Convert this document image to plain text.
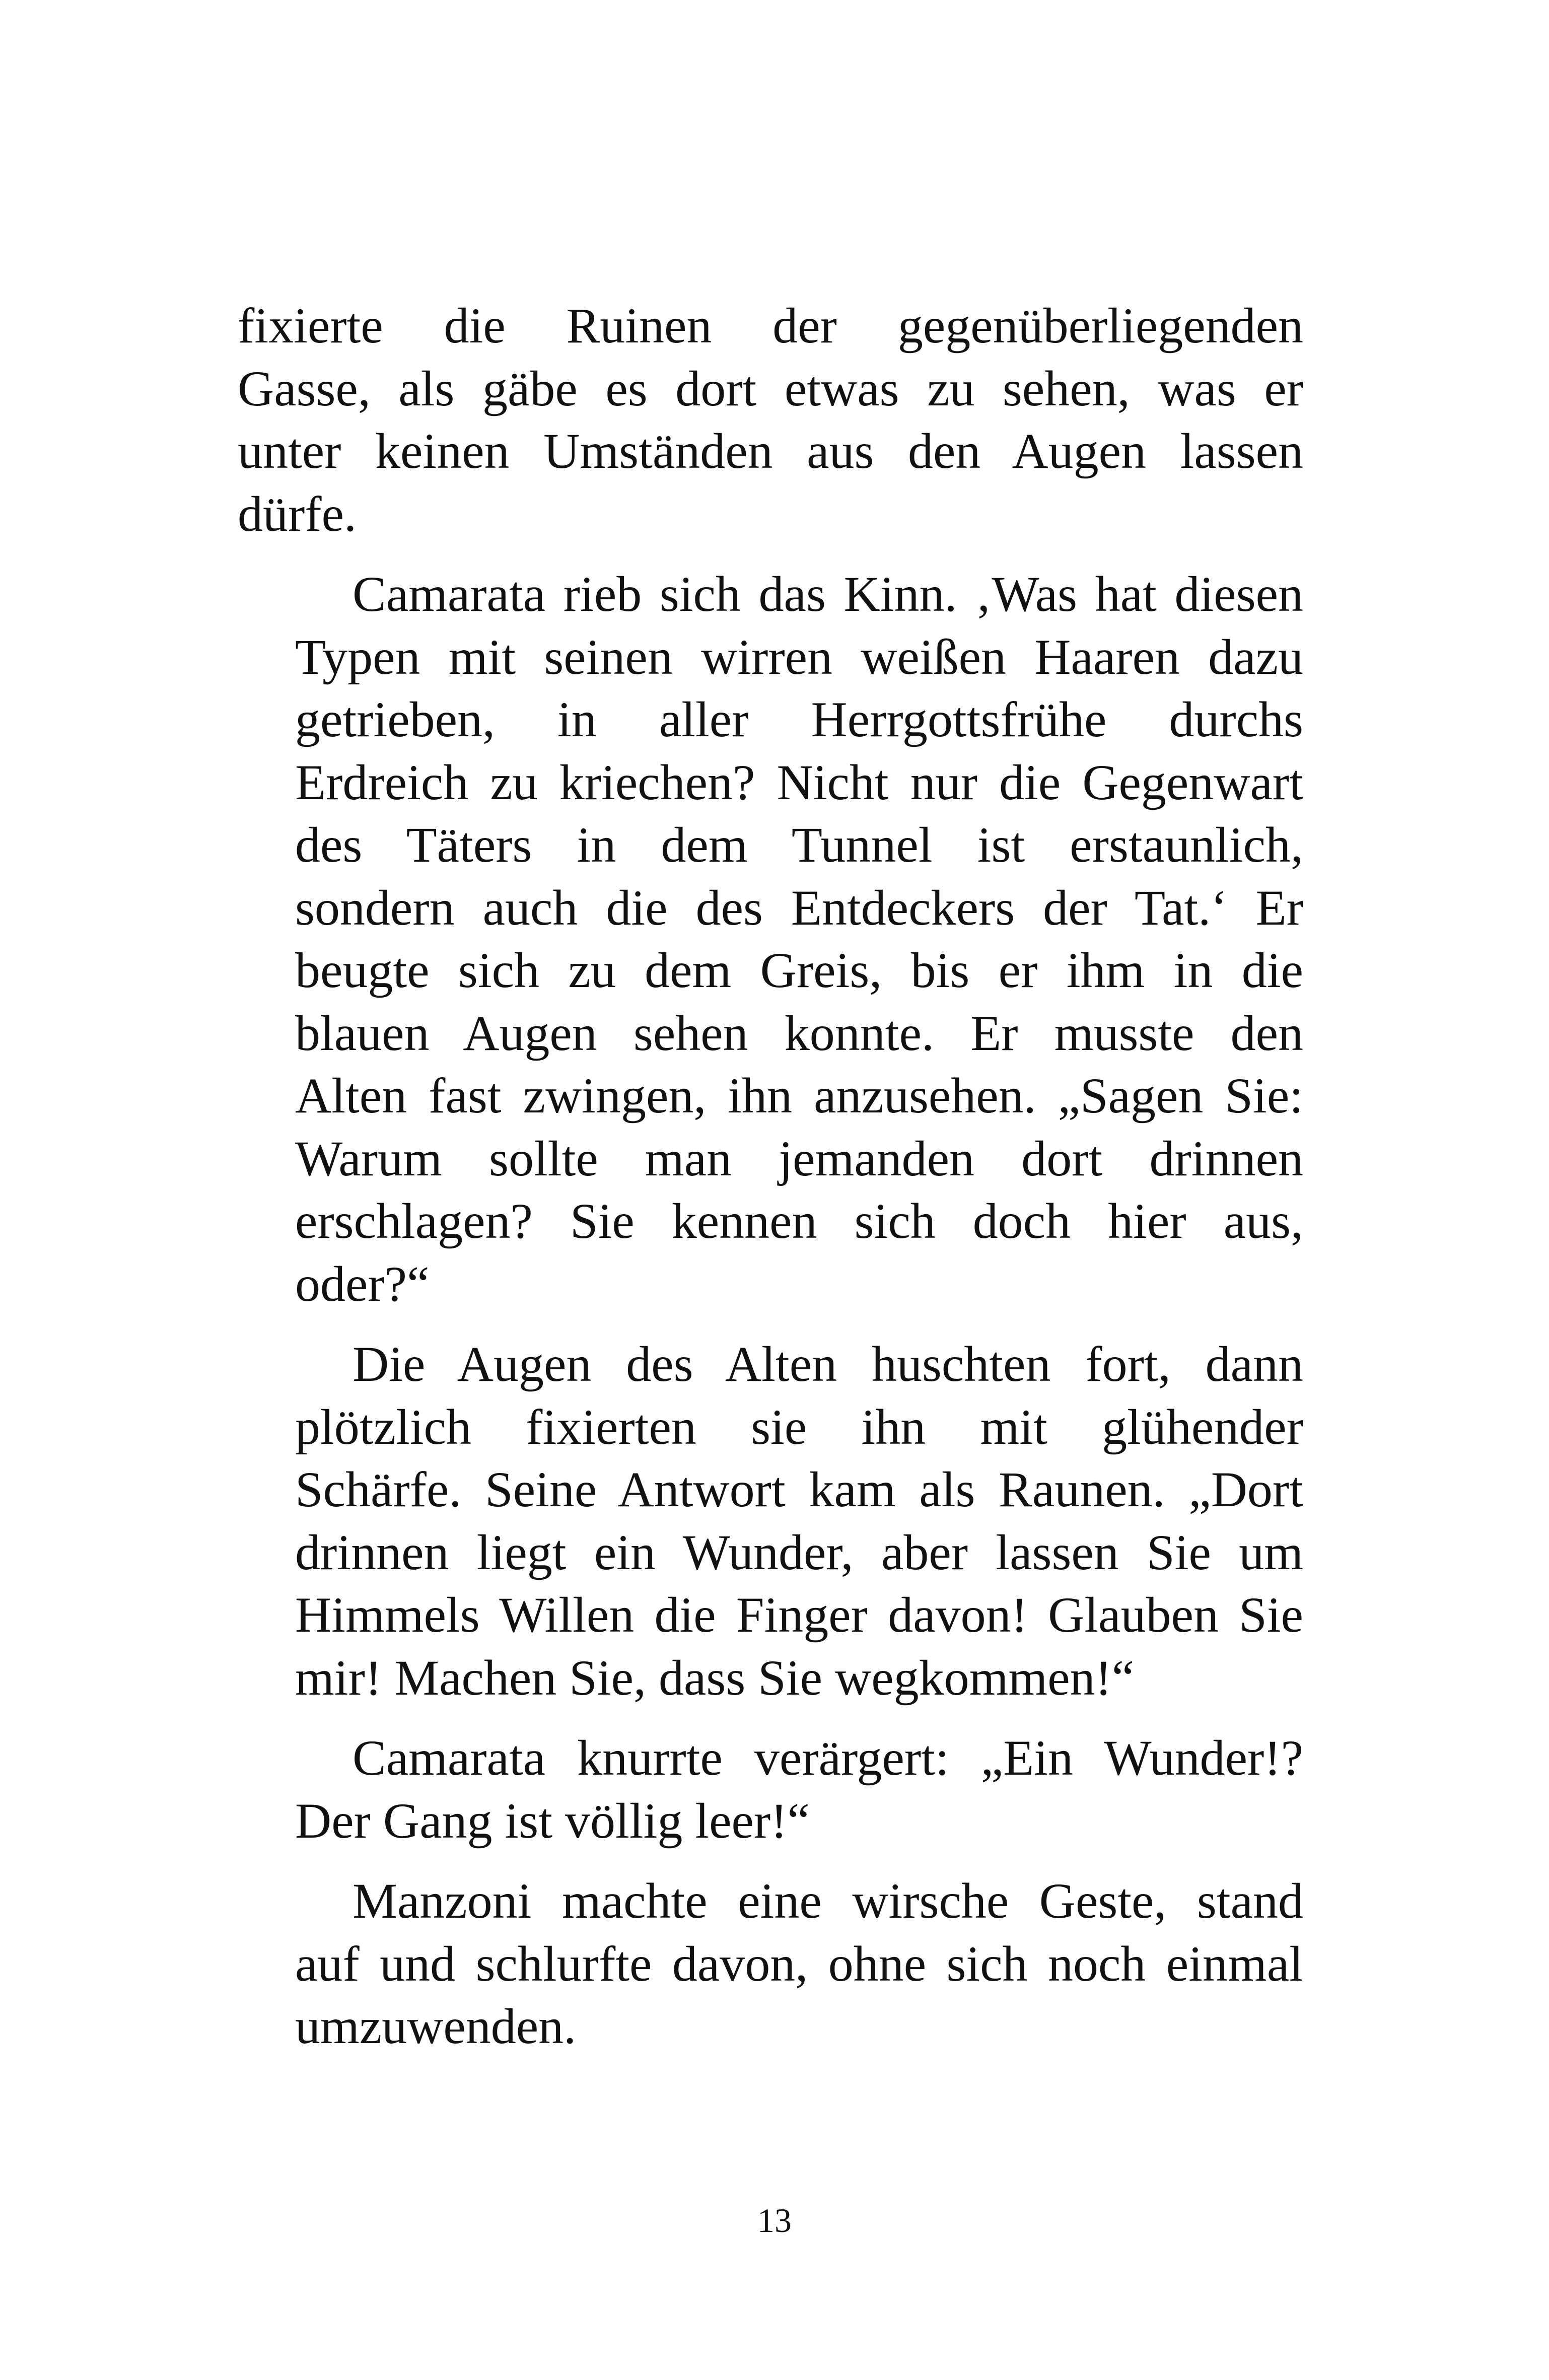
fixierte die Ruinen der gegenüberliegenden
Gasse, als gäbe es dort etwas zu sehen, was er
unter keinen Umständen aus den Augen lassen
dürfe.

Camarata rieb sich das Kinn. ‚Was hat diesen
Typen mit seinen wirren weißen Haaren dazu
getrieben, in aller Herrgottsfrühe durchs
Erdreich zu kriechen? Nicht nur die Gegenwart
des Täters in dem Tunnel ist erstaunlich,
sondern auch die des Entdeckers der Tat.‘ Er
beugte sich zu dem Greis, bis er ihm in die
blauen Augen sehen konnte. Er musste den
Alten fast zwingen, ihn anzusehen. „Sagen Sie:
Warum sollte man jemanden dort drinnen
erschlagen? Sie kennen sich doch hier aus,
oder?“

Die Augen des Alten huschten fort, dann
plötzlich fixierten sie ihn mit glühender
Schärfe. Seine Antwort kam als Raunen. „Dort
drinnen liegt ein Wunder, aber lassen Sie um
Himmels Willen die Finger davon! Glauben Sie
mir! Machen Sie, dass Sie wegkommen!“

Camarata knurrte verärgert: „Ein Wunder!?
Der Gang ist völlig leer!“

Manzoni machte eine wirsche Geste, stand
auf und schlurfte davon, ohne sich noch einmal
umzuwenden.

13
